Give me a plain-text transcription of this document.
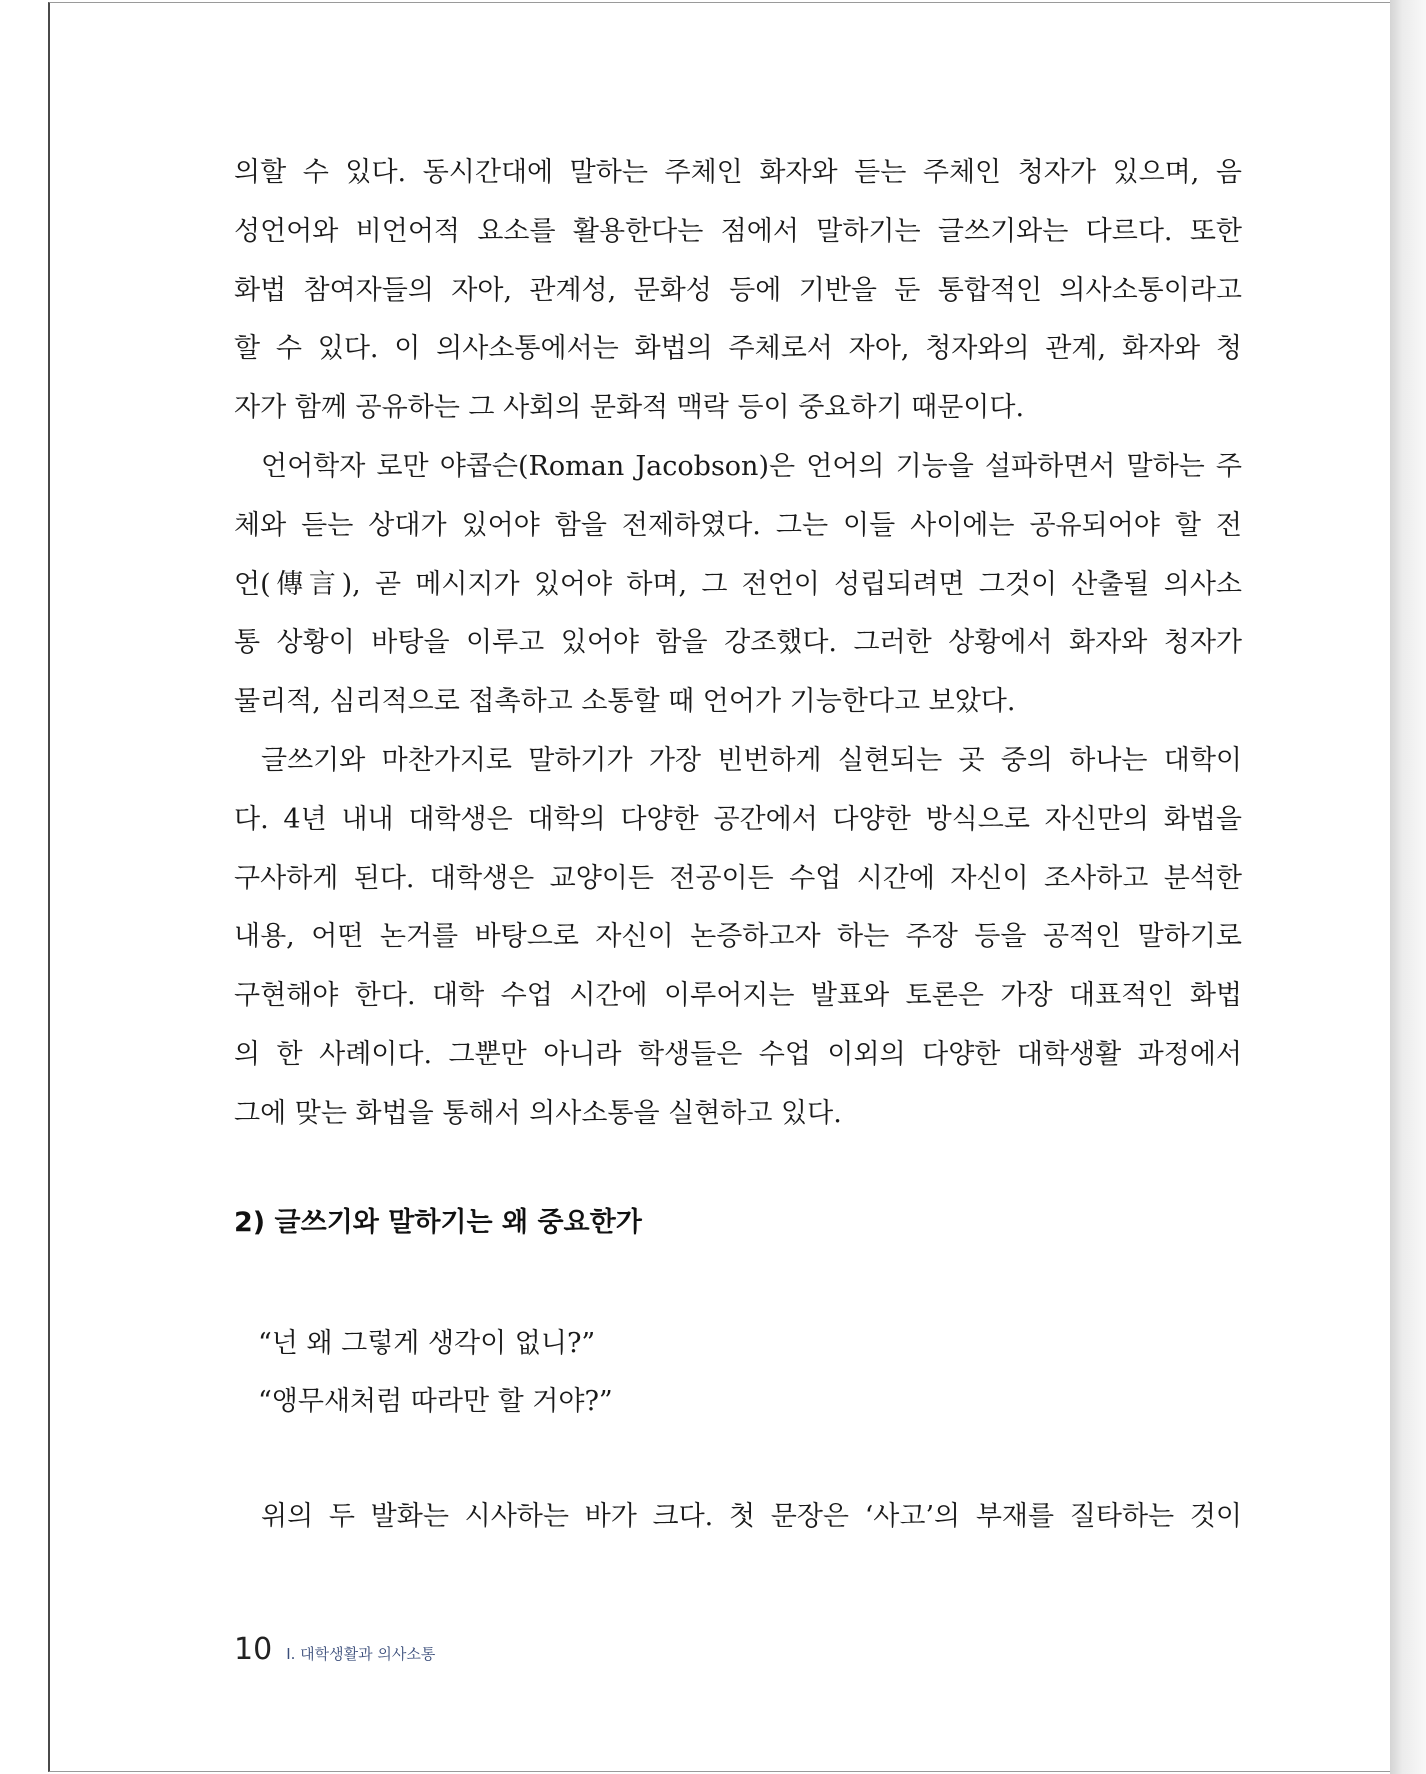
의할 수 있다. 동시간대에 말하는 주체인 화자와 듣는 주체인 청자가 있으며, 음
성언어와 비언어적 요소를 활용한다는 점에서 말하기는 글쓰기와는 다르다. 또한
화법 참여자들의 자아, 관계성, 문화성 등에 기반을 둔 통합적인 의사소통이라고
할 수 있다. 이 의사소통에서는 화법의 주체로서 자아, 청자와의 관계, 화자와 청
자가 함께 공유하는 그 사회의 문화적 맥락 등이 중요하기 때문이다.
언어학자 로만 야콥슨(Roman Jacobson)은 언어의 기능을 설파하면서 말하는 주
체와 듣는 상대가 있어야 함을 전제하였다. 그는 이들 사이에는 공유되어야 할 전
언(傳言), 곧 메시지가 있어야 하며, 그 전언이 성립되려면 그것이 산출될 의사소
통 상황이 바탕을 이루고 있어야 함을 강조했다. 그러한 상황에서 화자와 청자가
물리적, 심리적으로 접촉하고 소통할 때 언어가 기능한다고 보았다.
글쓰기와 마찬가지로 말하기가 가장 빈번하게 실현되는 곳 중의 하나는 대학이
다. 4년 내내 대학생은 대학의 다양한 공간에서 다양한 방식으로 자신만의 화법을
구사하게 된다. 대학생은 교양이든 전공이든 수업 시간에 자신이 조사하고 분석한
내용, 어떤 논거를 바탕으로 자신이 논증하고자 하는 주장 등을 공적인 말하기로
구현해야 한다. 대학 수업 시간에 이루어지는 발표와 토론은 가장 대표적인 화법
의 한 사례이다. 그뿐만 아니라 학생들은 수업 이외의 다양한 대학생활 과정에서
그에 맞는 화법을 통해서 의사소통을 실현하고 있다.
2) 글쓰기와 말하기는 왜 중요한가
“넌 왜 그렇게 생각이 없니?”
“앵무새처럼 따라만 할 거야?”
위의 두 발화는 시사하는 바가 크다. 첫 문장은 ‘사고’의 부재를 질타하는 것이
10 I. 대학생활과 의사소통
